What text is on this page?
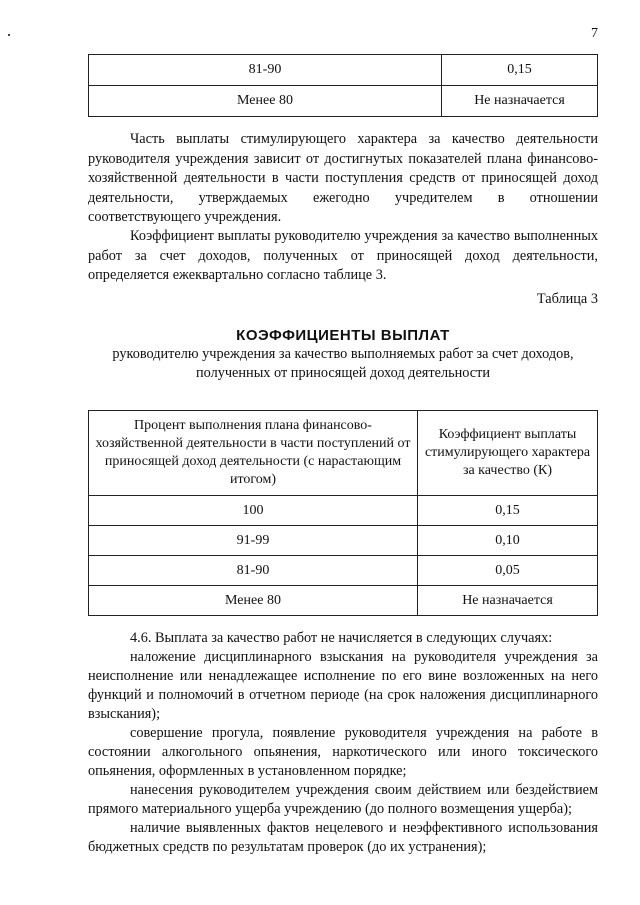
7
81-90	0,15
Менее 80	Не назначается

Часть выплаты стимулирующего характера за качество деятельности руководителя учреждения зависит от достигнутых показателей плана финансово-хозяйственной деятельности в части поступления средств от приносящей доход деятельности, утверждаемых ежегодно учредителем в отношении соответствующего учреждения.

Коэффициент выплаты руководителю учреждения за качество выполненных работ за счет доходов, полученных от приносящей доход деятельности, определяется ежеквартально согласно таблице 3.

Таблица 3
КОЭФФИЦИЕНТЫ ВЫПЛАТ
руководителю учреждения за качество выполняемых работ за счет доходов, полученных от приносящей доход деятельности
Процент выполнения плана финансово-хозяйственной деятельности в части поступлений от приносящей доход деятельности (с нарастающим итогом)	Коэффициент выплаты стимулирующего характера за качество (К)
100	0,15
91-99	0,10
81-90	0,05
Менее 80	Не назначается

4.6. Выплата за качество работ не начисляется в следующих случаях:

наложение дисциплинарного взыскания на руководителя учреждения за неисполнение или ненадлежащее исполнение по его вине возложенных на него функций и полномочий в отчетном периоде (на срок наложения дисциплинарного взыскания);

совершение прогула, появление руководителя учреждения на работе в состоянии алкогольного опьянения, наркотического или иного токсического опьянения, оформленных в установленном порядке;

нанесения руководителем учреждения своим действием или бездействием прямого материального ущерба учреждению (до полного возмещения ущерба);

наличие выявленных фактов нецелевого и неэффективного использования бюджетных средств по результатам проверок (до их устранения);
